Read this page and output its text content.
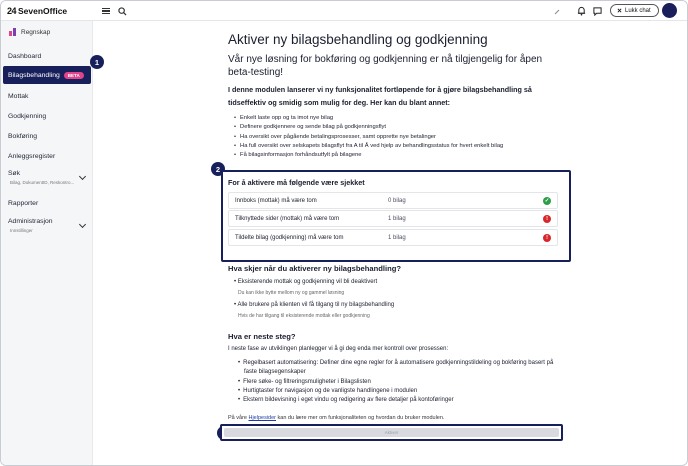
24 SevenOffice	Lukk chat
Regnskap
Dashboard
Bilagsbehandling	BETA
Mottak
Godkjenning
Bokføring
Anleggsregister
Søk
Bilag, DokumentID, Reskontro...
Rapporter
Administrasjon
Innstillinger
1
2
Aktiver ny bilagsbehandling og godkjenning
Vår nye løsning for bokføring og godkjenning er nå tilgjengelig for åpen beta-testing!
I denne modulen lanserer vi ny funksjonalitet fortløpende for å gjøre bilagsbehandling så tidseffektiv og smidig som mulig for deg. Her kan du blant annet:
• Enkelt laste opp og ta imot nye bilag
• Definere godkjennere og sende bilag på godkjenningsflyt
• Ha oversikt over pågående betalingsprosesser, samt opprette nye betalinger
• Ha full oversikt over selskapets bilagsflyt fra A til Å ved hjelp av behandlingsstatus for hvert enkelt bilag
• Få bilagsinformasjon forhåndsutfylt på bilagene
For å aktivere må følgende være sjekket
Innboks (mottak) må være tom	0 bilag	✓
Tilknyttede sider (mottak) må være tom	1 bilag	!
Tildelte bilag (godkjenning) må være tom	1 bilag	!
Hva skjer når du aktiverer ny bilagsbehandling?
• Eksisterende mottak og godkjenning vil bli deaktivert
Du kan ikke bytte mellom ny og gammel løsning
• Alle brukere på klienten vil få tilgang til ny bilagsbehandling
Hvis de har tilgang til eksisterende mottak eller godkjenning
Hva er neste steg?
I neste fase av utviklingen planlegger vi å gi deg enda mer kontroll over prosessen:
• Regelbasert automatisering: Definer dine egne regler for å automatisere godkjenningstildeling og bokføring basert på faste bilagsegenskaper
• Flere søke- og filtreringsmuligheter i Bilagslisten
• Hurtigtaster for navigasjon og de vanligste handlingene i modulen
• Ekstern bildevisning i eget vindu og redigering av flere detaljer på kontoføringer
På våre Hjelpesider kan du lære mer om funksjonaliteten og hvordan du bruker modulen.
Aktiver
